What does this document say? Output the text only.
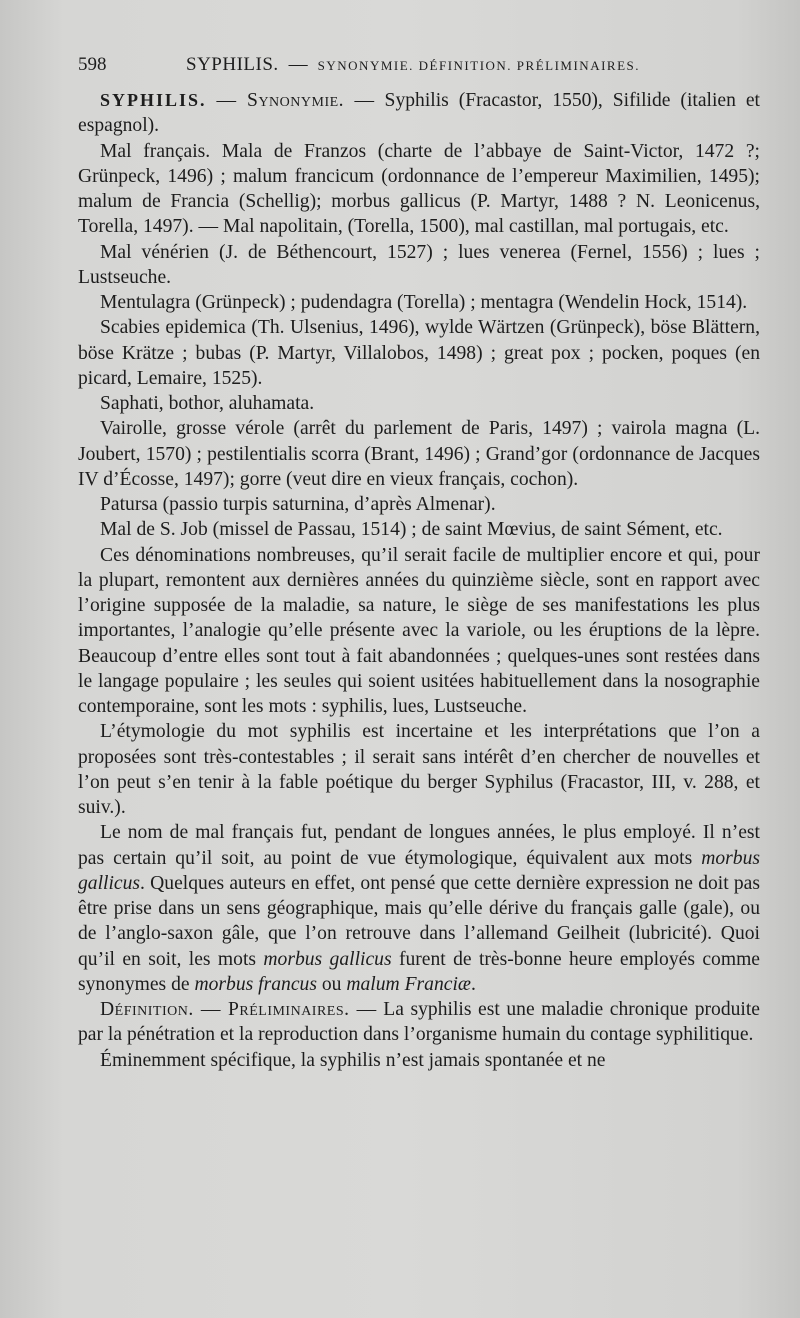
598	SYPHILIS. — SYNONYMIE. DÉFINITION. PRÉLIMINAIRES.

SYPHILIS. — Synonymie. — Syphilis (Fracastor, 1550), Sifilide (italien et espagnol).

Mal français. Mala de Franzos (charte de l’abbaye de Saint-Victor, 1472 ?; Grünpeck, 1496) ; malum francicum (ordonnance de l’empereur Maximilien, 1495); malum de Francia (Schellig); morbus gallicus (P. Martyr, 1488 ? N. Leonicenus, Torella, 1497). — Mal napolitain, (Torella, 1500), mal castillan, mal portugais, etc.

Mal vénérien (J. de Béthencourt, 1527) ; lues venerea (Fernel, 1556) ; lues ; Lustseuche.

Mentulagra (Grünpeck) ; pudendagra (Torella) ; mentagra (Wendelin Hock, 1514).

Scabies epidemica (Th. Ulsenius, 1496), wylde Wärtzen (Grünpeck), böse Blättern, böse Krätze ; bubas (P. Martyr, Villalobos, 1498) ; great pox ; pocken, poques (en picard, Lemaire, 1525).

Saphati, bothor, aluhamata.

Vairolle, grosse vérole (arrêt du parlement de Paris, 1497) ; vairola magna (L. Joubert, 1570) ; pestilentialis scorra (Brant, 1496) ; Grand’gor (ordonnance de Jacques IV d’Écosse, 1497); gorre (veut dire en vieux français, cochon).

Patursa (passio turpis saturnina, d’après Almenar).

Mal de S. Job (missel de Passau, 1514) ; de saint Mœvius, de saint Sément, etc.

Ces dénominations nombreuses, qu’il serait facile de multiplier encore et qui, pour la plupart, remontent aux dernières années du quinzième siècle, sont en rapport avec l’origine supposée de la maladie, sa nature, le siège de ses manifestations les plus importantes, l’analogie qu’elle présente avec la variole, ou les éruptions de la lèpre. Beaucoup d’entre elles sont tout à fait abandonnées ; quelques-unes sont restées dans le langage populaire ; les seules qui soient usitées habituellement dans la nosographie contemporaine, sont les mots : syphilis, lues, Lustseuche.

L’étymologie du mot syphilis est incertaine et les interprétations que l’on a proposées sont très-contestables ; il serait sans intérêt d’en chercher de nouvelles et l’on peut s’en tenir à la fable poétique du berger Syphilus (Fracastor, III, v. 288, et suiv.).

Le nom de mal français fut, pendant de longues années, le plus employé. Il n’est pas certain qu’il soit, au point de vue étymologique, équivalent aux mots morbus gallicus. Quelques auteurs en effet, ont pensé que cette dernière expression ne doit pas être prise dans un sens géographique, mais qu’elle dérive du français galle (gale), ou de l’anglo-saxon gâle, que l’on retrouve dans l’allemand Geilheit (lubricité). Quoi qu’il en soit, les mots morbus gallicus furent de très-bonne heure employés comme synonymes de morbus francus ou malum Franciæ.

Définition. — Préliminaires. — La syphilis est une maladie chronique produite par la pénétration et la reproduction dans l’organisme humain du contage syphilitique.

Éminemment spécifique, la syphilis n’est jamais spontanée et ne
